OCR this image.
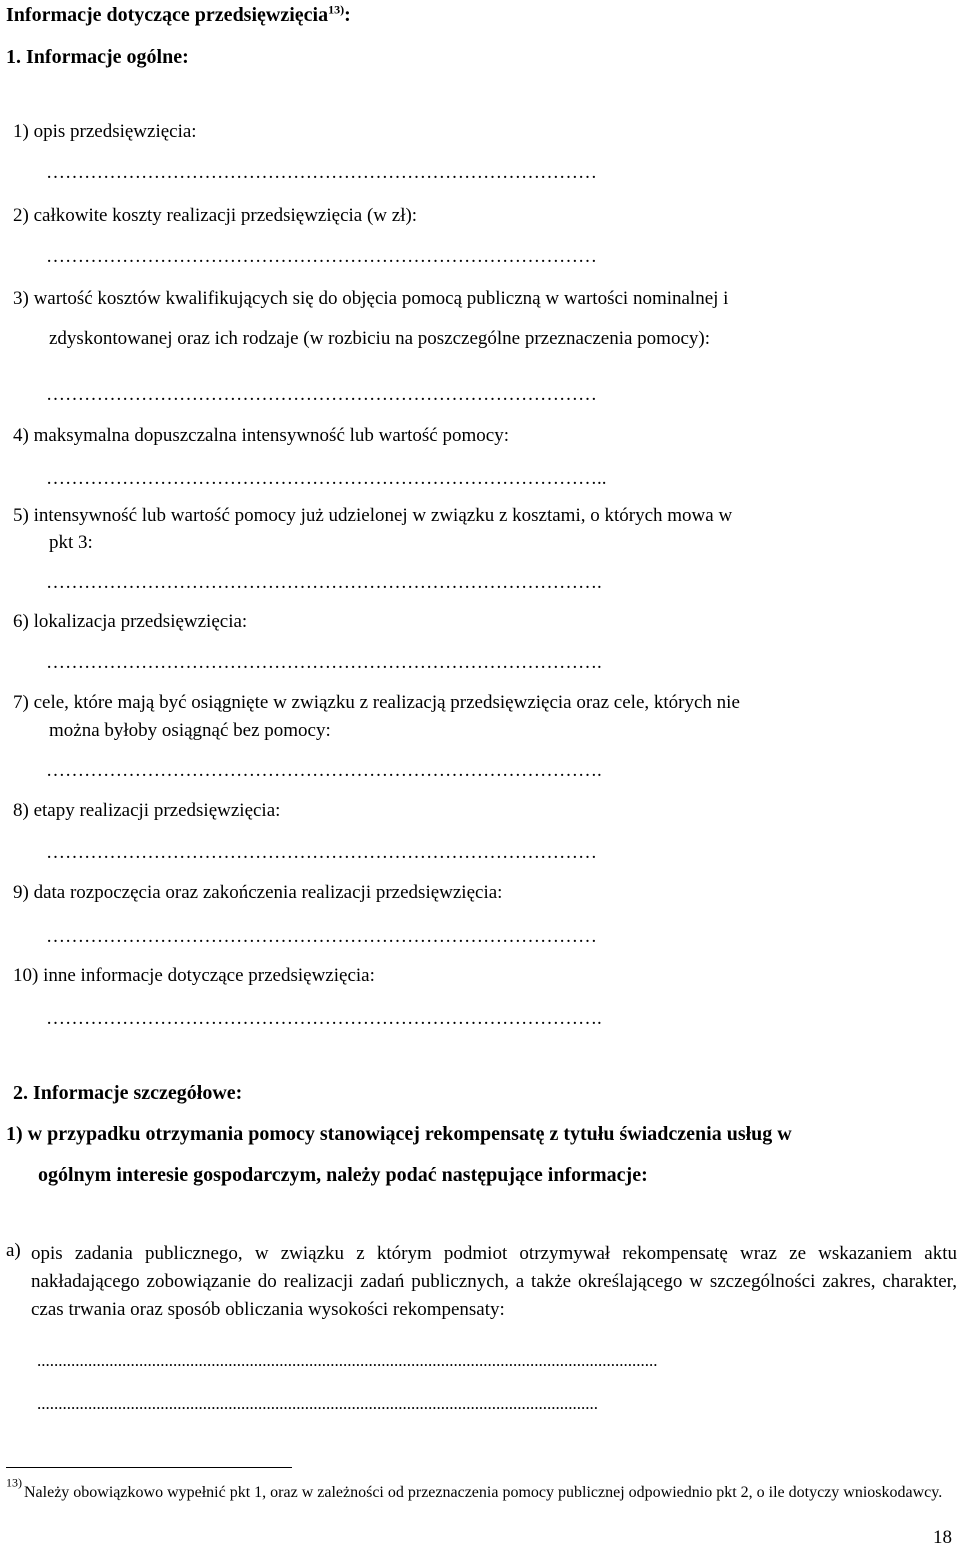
Informacje dotyczące przedsięwzięcia$^{13)}$:
1. Informacje ogólne:
1) opis przedsięwzięcia:
……………………………………………………………………………
2) całkowite koszty realizacji przedsięwzięcia (w zł):
……………………………………………………………………………
3) wartość kosztów kwalifikujących się do objęcia pomocą publiczną w wartości nominalnej i
zdyskontowanej oraz ich rodzaje (w rozbiciu na poszczególne przeznaczenia pomocy):
……………………………………………………………………………
4) maksymalna dopuszczalna intensywność lub wartość pomocy:
……………………………………………………………………………..
5) intensywność lub wartość pomocy już udzielonej w związku z kosztami, o których mowa w
pkt 3:
…………………………………………………………………………….
6) lokalizacja przedsięwzięcia:
…………………………………………………………………………….
7) cele, które mają być osiągnięte w związku z realizacją przedsięwzięcia oraz cele, których nie
można byłoby osiągnąć bez pomocy:
…………………………………………………………………………….
8) etapy realizacji przedsięwzięcia:
……………………………………………………………………………
9) data rozpoczęcia oraz zakończenia realizacji przedsięwzięcia:
……………………………………………………………………………
10) inne informacje dotyczące przedsięwzięcia:
…………………………………………………………………………….
2. Informacje szczegółowe:
1) w przypadku otrzymania pomocy stanowiącej rekompensatę z tytułu świadczenia usług w
ogólnym interesie gospodarczym, należy podać następujące informacje:
a) opis zadania publicznego, w związku z którym podmiot otrzymywał rekompensatę wraz ze wskazaniem aktu nakładającego zobowiązanie do realizacji zadań publicznych, a także określającego w szczególności zakres, charakter, czas trwania oraz sposób obliczania wysokości rekompensaty:
..................................................................................................................................................
....................................................................................................................................
$^{13)}$
Należy obowiązkowo wypełnić pkt 1, oraz w zależności od przeznaczenia pomocy publicznej odpowiednio pkt 2, o ile dotyczy wnioskodawcy.
18
